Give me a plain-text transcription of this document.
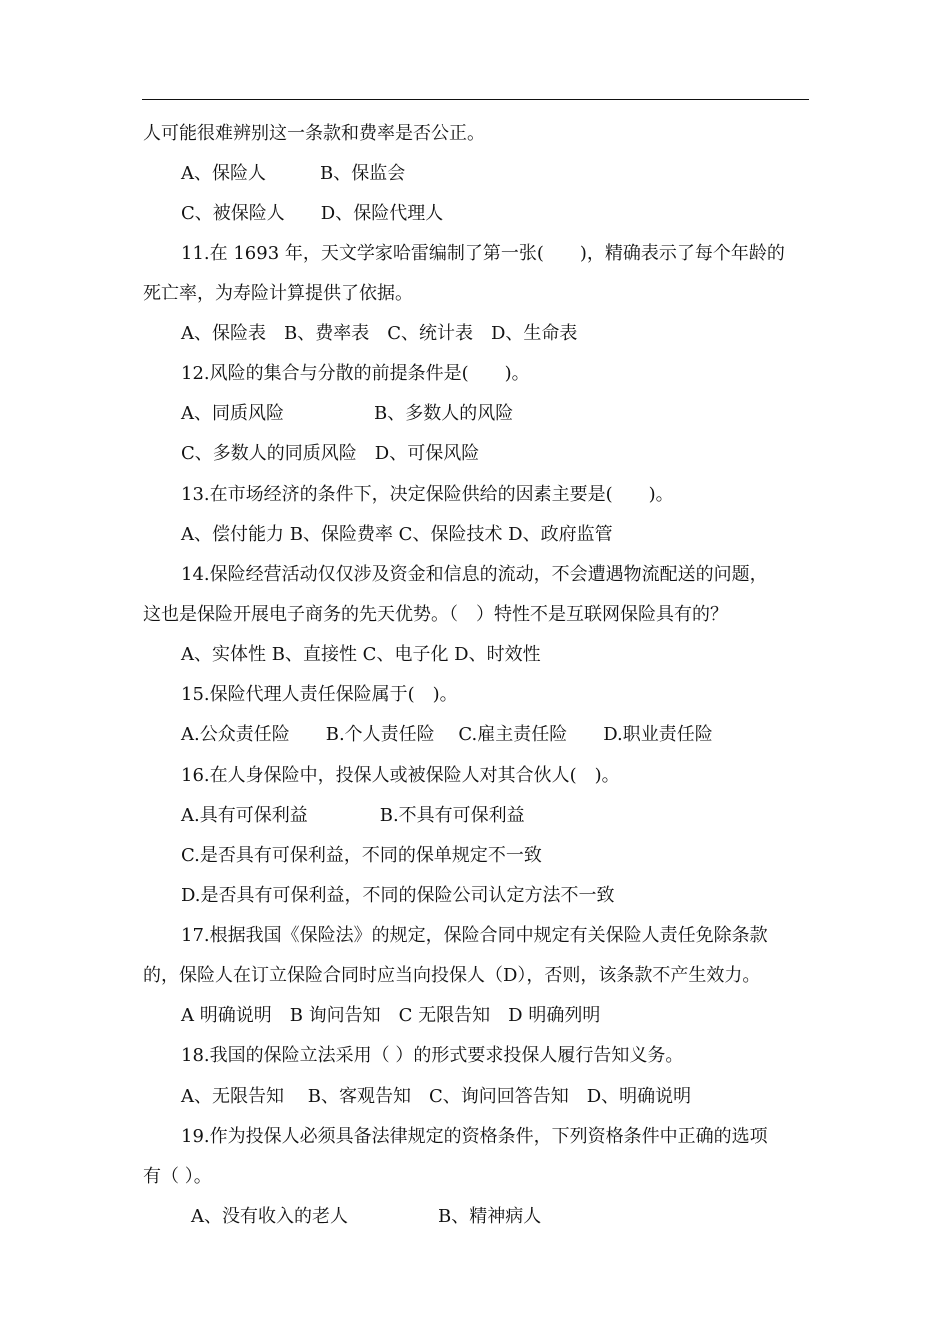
人可能很难辨别这一条款和费率是否公正。
A、保险人　　　B、保监会
C、被保险人　　D、保险代理人
11.在 1693 年，天文学家哈雷编制了第一张(　　)，精确表示了每个年龄的
死亡率，为寿险计算提供了依据。
A、保险表　B、费率表　C、统计表　D、生命表
12.风险的集合与分散的前提条件是(　　)。
A、同质风险　　　　　B、多数人的风险
C、多数人的同质风险　D、可保风险
13.在市场经济的条件下，决定保险供给的因素主要是(　　)。
A、偿付能力 B、保险费率 C、保险技术 D、政府监管
14.保险经营活动仅仅涉及资金和信息的流动，不会遭遇物流配送的问题，
这也是保险开展电子商务的先天优势。（　）特性不是互联网保险具有的？
A、实体性 B、直接性 C、电子化 D、时效性
15.保险代理人责任保险属于(　)。
A.公众责任险　　B.个人责任险　 C.雇主责任险　　D.职业责任险
16.在人身保险中，投保人或被保险人对其合伙人(　)。
A.具有可保利益　　　　B.不具有可保利益
C.是否具有可保利益，不同的保单规定不一致
D.是否具有可保利益，不同的保险公司认定方法不一致
17.根据我国《保险法》的规定，保险合同中规定有关保险人责任免除条款
的，保险人在订立保险合同时应当向投保人（D），否则，该条款不产生效力。
A 明确说明　B 询问告知　C 无限告知　D 明确列明
18.我国的保险立法采用（ ）的形式要求投保人履行告知义务。
A、无限告知　 B、客观告知　C、询问回答告知　D、明确说明
19.作为投保人必须具备法律规定的资格条件，下列资格条件中正确的选项
有（ ）。
A、没有收入的老人　　　　　B、精神病人
